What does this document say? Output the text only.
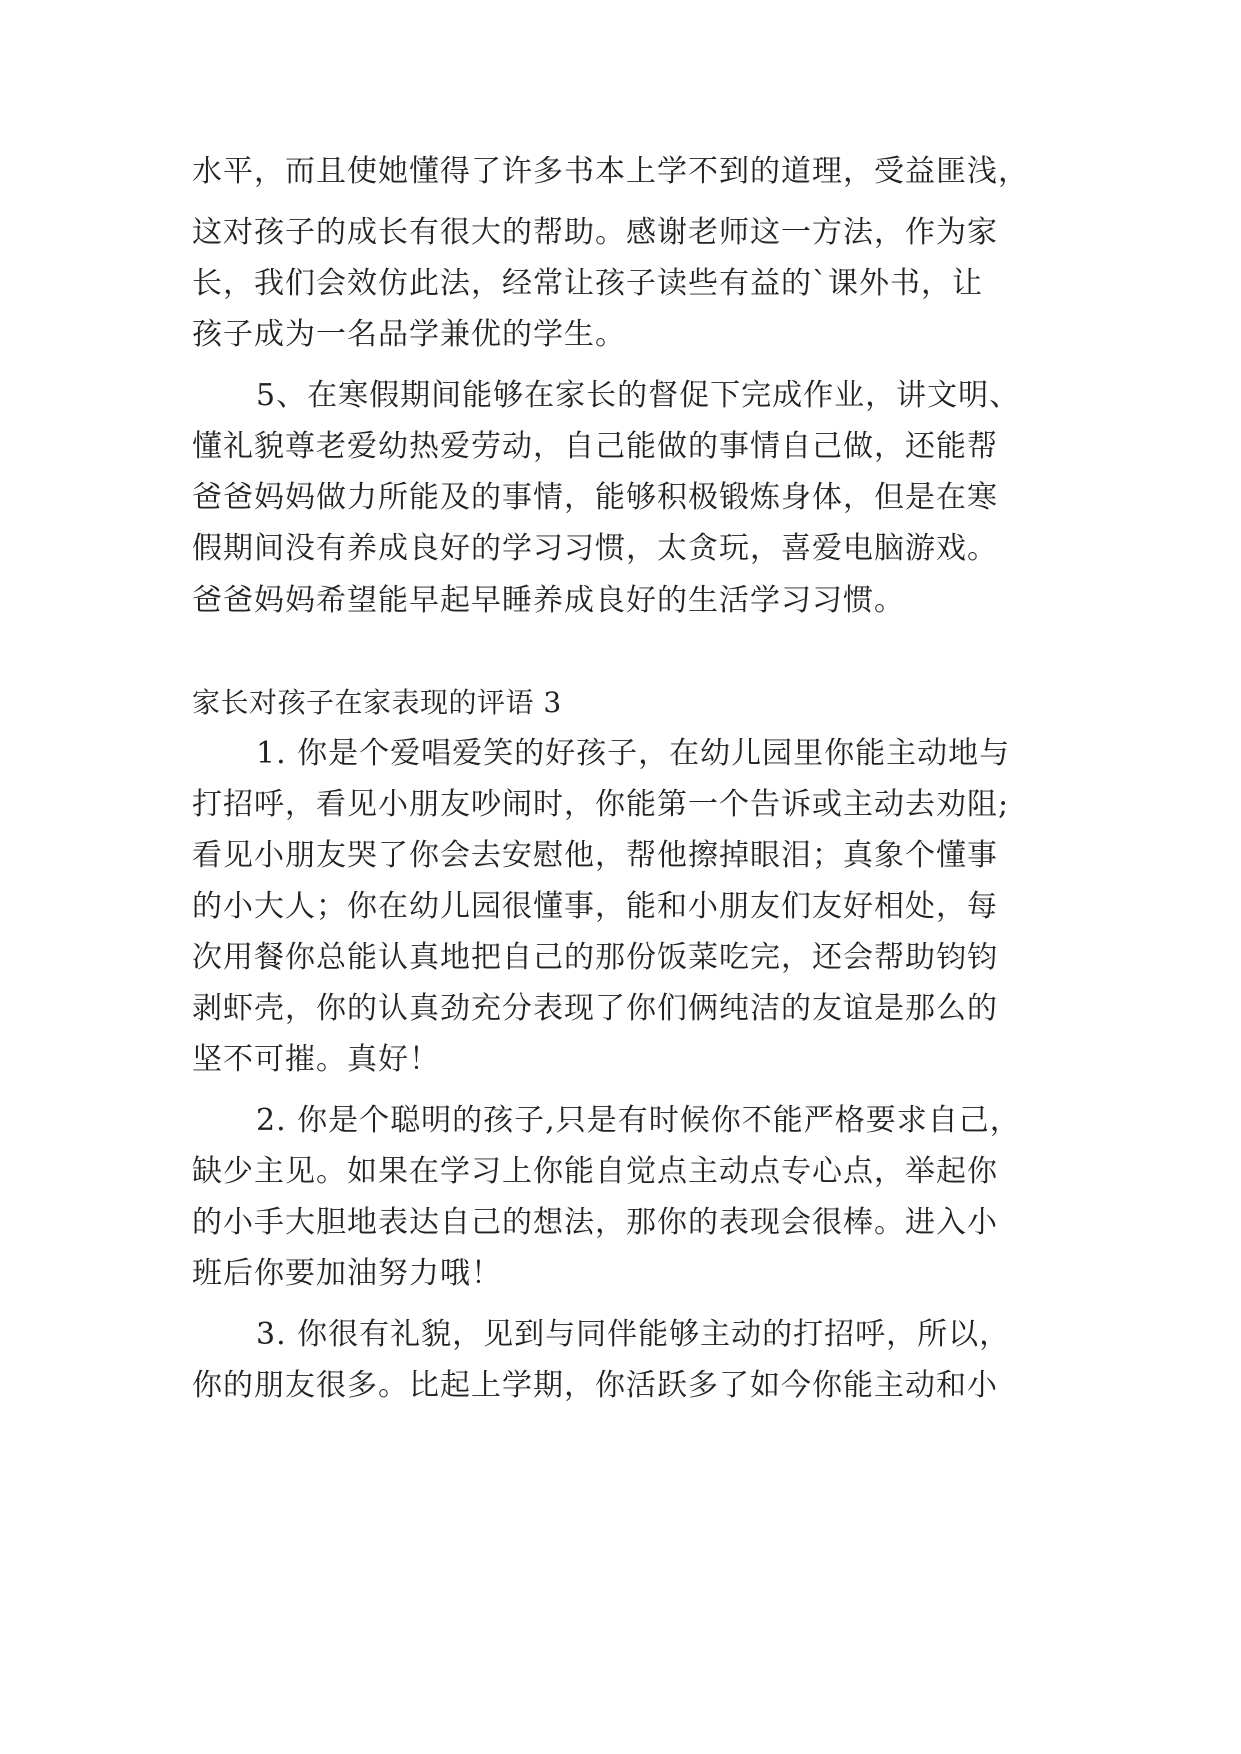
水平，而且使她懂得了许多书本上学不到的道理，受益匪浅，
这对孩子的成长有很大的帮助。感谢老师这一方法，作为家
长，我们会效仿此法，经常让孩子读些有益的`课外书，让
孩子成为一名品学兼优的学生。
5、在寒假期间能够在家长的督促下完成作业，讲文明、
懂礼貌尊老爱幼热爱劳动，自己能做的事情自己做，还能帮
爸爸妈妈做力所能及的事情，能够积极锻炼身体，但是在寒
假期间没有养成良好的学习习惯，太贪玩，喜爱电脑游戏。
爸爸妈妈希望能早起早睡养成良好的生活学习习惯。
家长对孩子在家表现的评语 3
1. 你是个爱唱爱笑的好孩子，在幼儿园里你能主动地与
打招呼，看见小朋友吵闹时，你能第一个告诉或主动去劝阻;
看见小朋友哭了你会去安慰他，帮他擦掉眼泪；真象个懂事
的小大人；你在幼儿园很懂事，能和小朋友们友好相处，每
次用餐你总能认真地把自己的那份饭菜吃完，还会帮助钧钧
剥虾壳，你的认真劲充分表现了你们俩纯洁的友谊是那么的
坚不可摧。真好！
2. 你是个聪明的孩子,只是有时候你不能严格要求自己，
缺少主见。如果在学习上你能自觉点主动点专心点，举起你
的小手大胆地表达自己的想法，那你的表现会很棒。进入小
班后你要加油努力哦！
3. 你很有礼貌，见到与同伴能够主动的打招呼，所以，
你的朋友很多。比起上学期，你活跃多了如今你能主动和小
